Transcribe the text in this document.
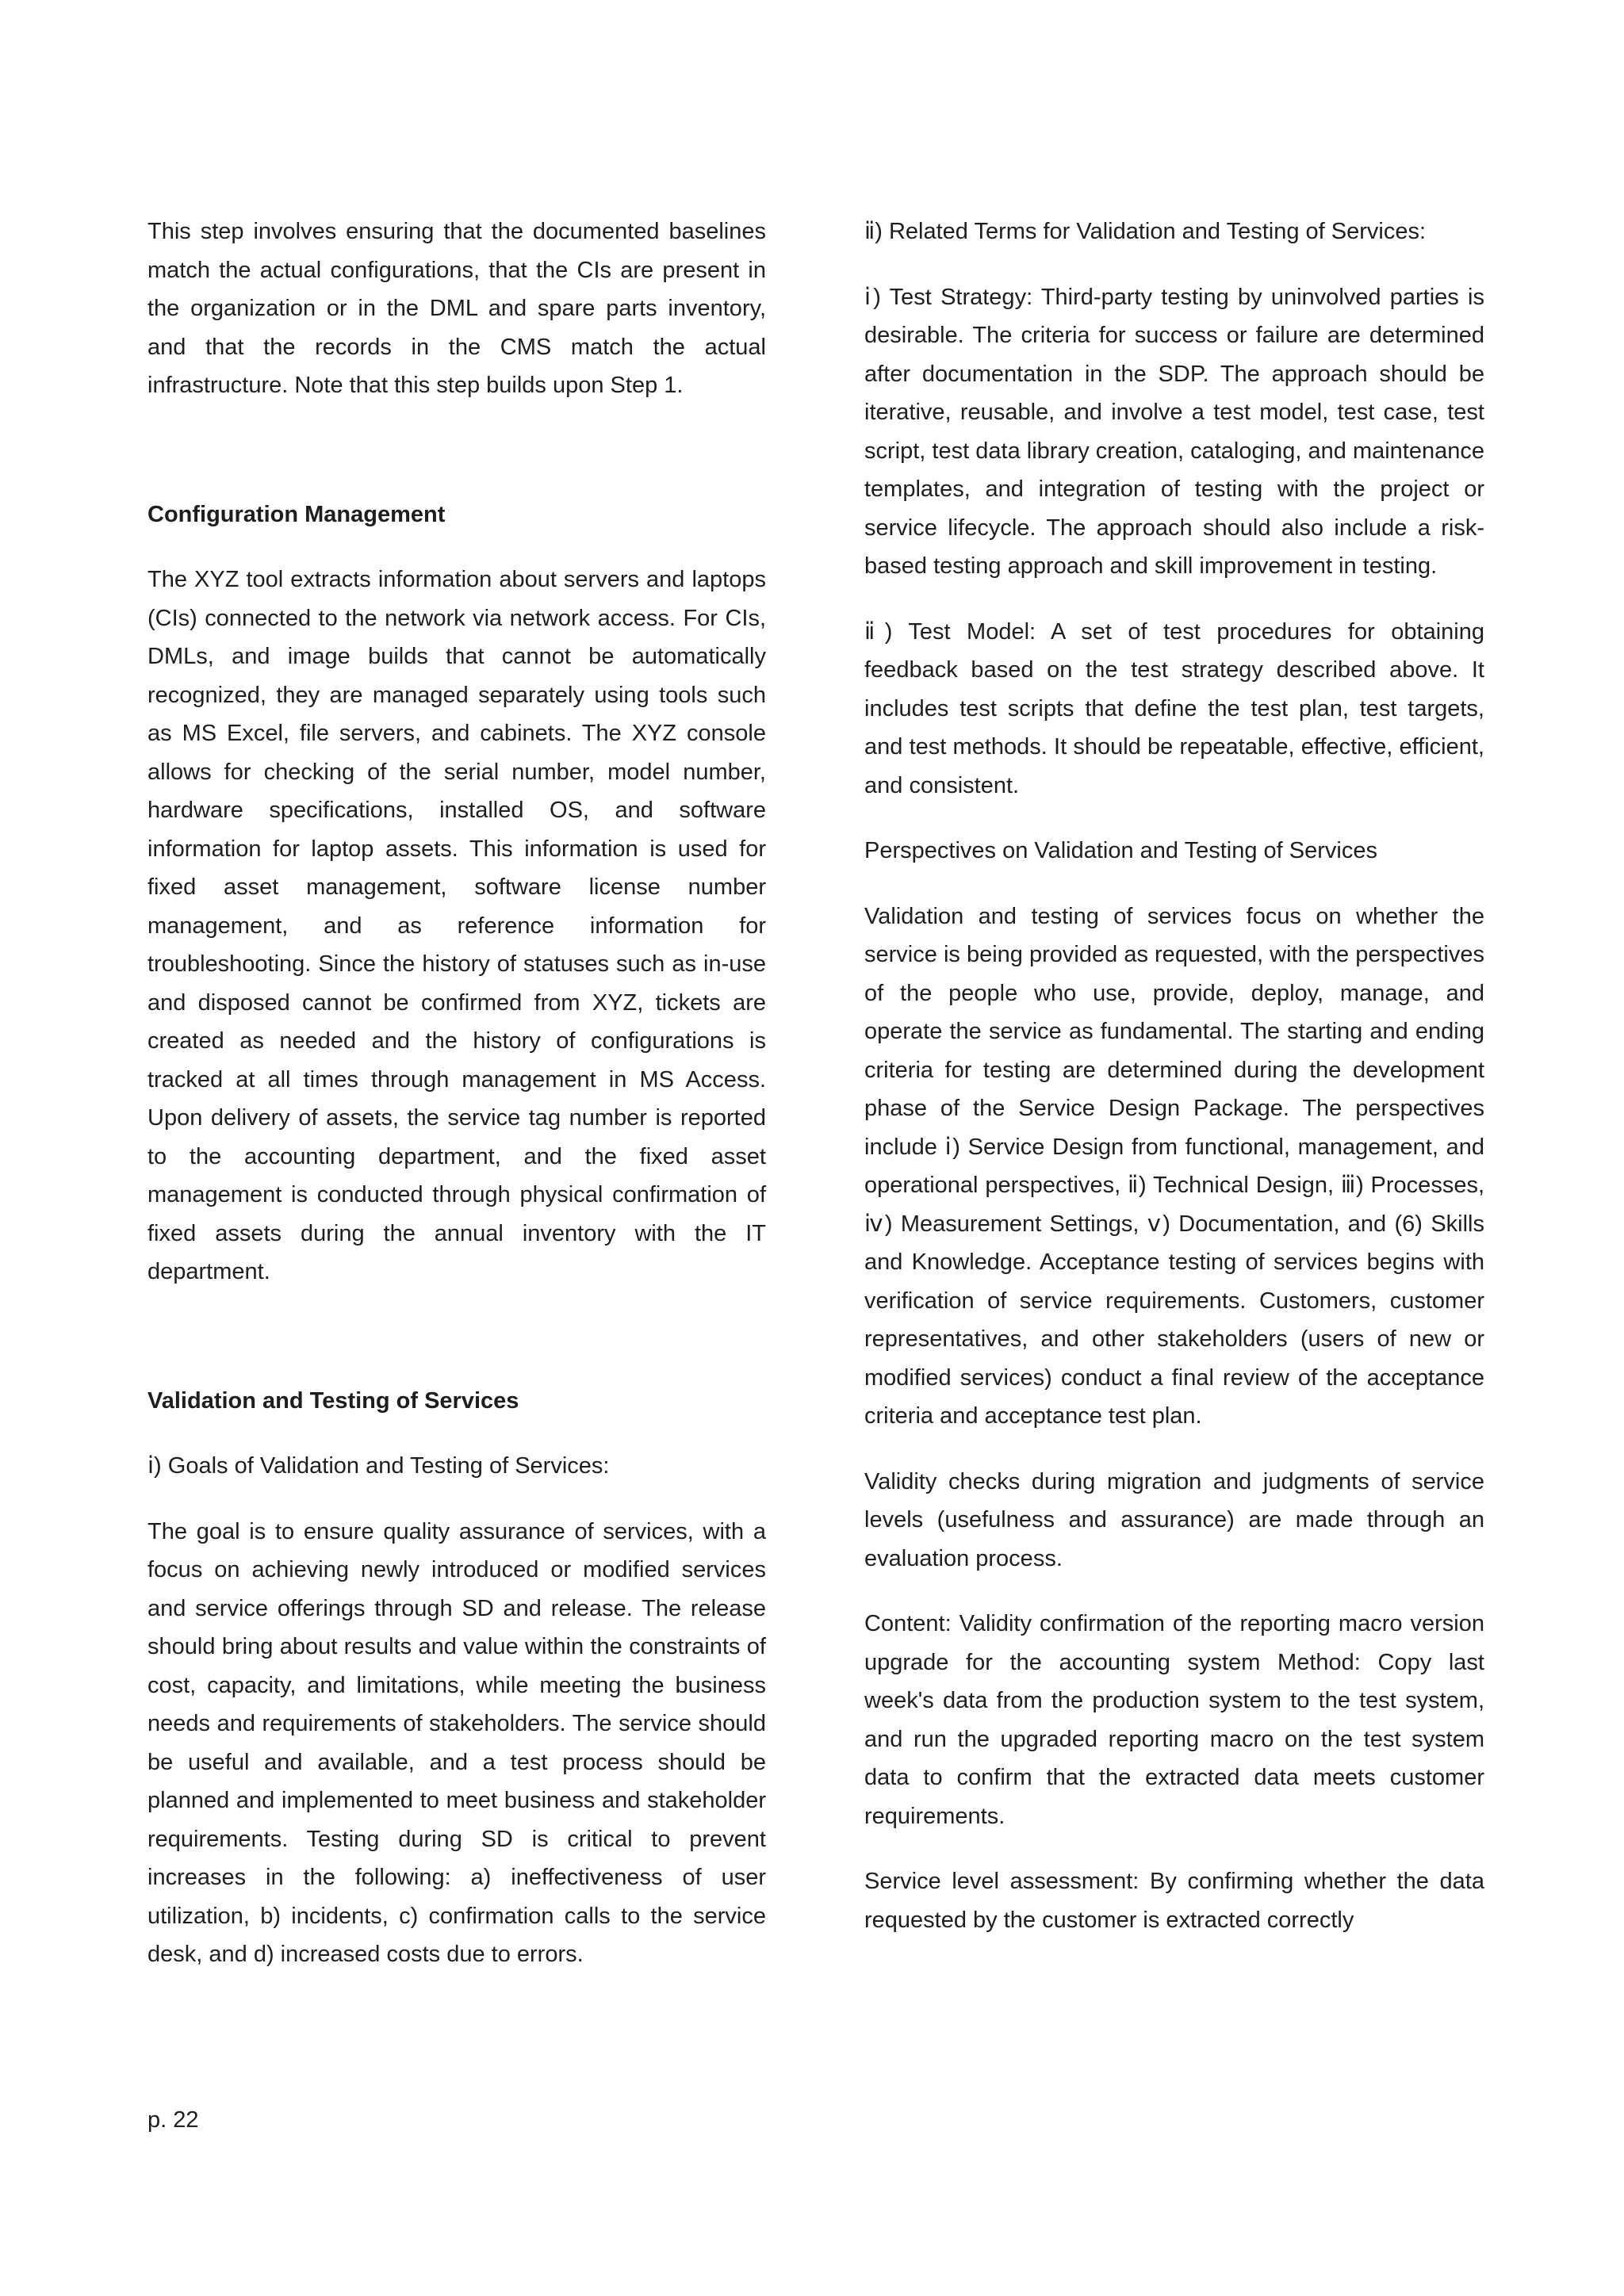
This step involves ensuring that the documented baselines match the actual configurations, that the CIs are present in the organization or in the DML and spare parts inventory, and that the records in the CMS match the actual infrastructure. Note that this step builds upon Step 1.

Configuration Management

The XYZ tool extracts information about servers and laptops (CIs) connected to the network via network access. For CIs, DMLs, and image builds that cannot be automatically recognized, they are managed separately using tools such as MS Excel, file servers, and cabinets. The XYZ console allows for checking of the serial number, model number, hardware specifications, installed OS, and software information for laptop assets. This information is used for fixed asset management, software license number management, and as reference information for troubleshooting. Since the history of statuses such as in-use and disposed cannot be confirmed from XYZ, tickets are created as needed and the history of configurations is tracked at all times through management in MS Access. Upon delivery of assets, the service tag number is reported to the accounting department, and the fixed asset management is conducted through physical confirmation of fixed assets during the annual inventory with the IT department.

Validation and Testing of Services

ⅰ) Goals of Validation and Testing of Services:

The goal is to ensure quality assurance of services, with a focus on achieving newly introduced or modified services and service offerings through SD and release. The release should bring about results and value within the constraints of cost, capacity, and limitations, while meeting the business needs and requirements of stakeholders. The service should be useful and available, and a test process should be planned and implemented to meet business and stakeholder requirements. Testing during SD is critical to prevent increases in the following: a) ineffectiveness of user utilization, b) incidents, c) confirmation calls to the service desk, and d) increased costs due to errors.

ⅱ) Related Terms for Validation and Testing of Services:

ⅰ) Test Strategy: Third-party testing by uninvolved parties is desirable. The criteria for success or failure are determined after documentation in the SDP. The approach should be iterative, reusable, and involve a test model, test case, test script, test data library creation, cataloging, and maintenance templates, and integration of testing with the project or service lifecycle. The approach should also include a risk-based testing approach and skill improvement in testing.

ⅱ) Test Model: A set of test procedures for obtaining feedback based on the test strategy described above. It includes test scripts that define the test plan, test targets, and test methods. It should be repeatable, effective, efficient, and consistent.

Perspectives on Validation and Testing of Services

Validation and testing of services focus on whether the service is being provided as requested, with the perspectives of the people who use, provide, deploy, manage, and operate the service as fundamental. The starting and ending criteria for testing are determined during the development phase of the Service Design Package. The perspectives include ⅰ) Service Design from functional, management, and operational perspectives, ⅱ) Technical Design, ⅲ) Processes, ⅳ) Measurement Settings, ⅴ) Documentation, and (6) Skills and Knowledge. Acceptance testing of services begins with verification of service requirements. Customers, customer representatives, and other stakeholders (users of new or modified services) conduct a final review of the acceptance criteria and acceptance test plan.

Validity checks during migration and judgments of service levels (usefulness and assurance) are made through an evaluation process.

Content: Validity confirmation of the reporting macro version upgrade for the accounting system Method: Copy last week's data from the production system to the test system, and run the upgraded reporting macro on the test system data to confirm that the extracted data meets customer requirements.

Service level assessment: By confirming whether the data requested by the customer is extracted correctly

p. 22
